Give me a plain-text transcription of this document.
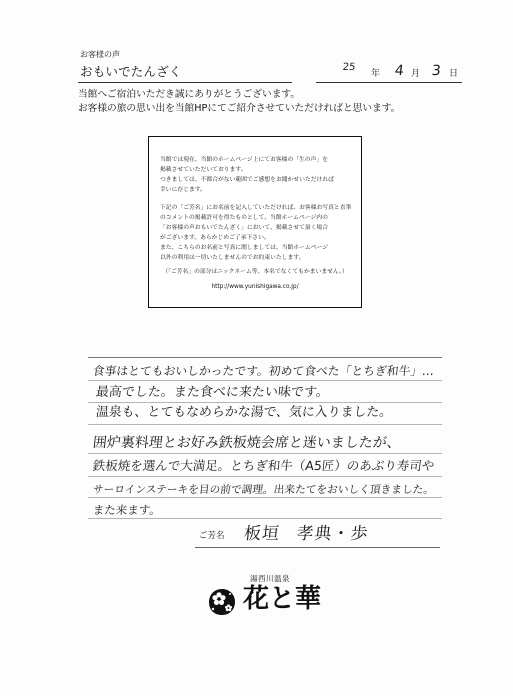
お客様の声
おもいでたんざく	25
年 4 月 3 日
当館へご宿泊いただき誠にありがとうございます。
お客様の旅の思い出を当館HPにてご紹介させていただければと思います。
当館では現在、当館のホームページ上にてお客様の「生の声」を
掲載させていただいております。
つきましては、不都合がない範囲でご感想をお聞かせいただければ
幸いに存じます。
下記の「ご芳名」にお名前を記入していただければ、お客様お写真と直筆
のコメントの掲載許可を得たものとして、当館ホームページ内の
「お客様の声おもいでたんざく」において、掲載させて頂く場合
がございます。あらかじめご了承下さい。
また、こちらのお名前と写真に関しましては、当館ホームページ
以外の利用は一切いたしませんのでお約束いたします。
（「ご芳名」の部分はニックネーム等、本名でなくてもかまいません。）
http://www.yunishigawa.co.jp/
食事はとてもおいしかったです。初めて食べた「とちぎ和牛」…
最高でした。また食べに来たい味です。
温泉も、とてもなめらかな湯で、気に入りました。
囲炉裏料理とお好み鉄板焼会席と迷いましたが、
鉄板焼を選んで大満足。とちぎ和牛（A5匠）のあぶり寿司や
サーロインステーキを目の前で調理。出来たてをおいしく頂きました。
また来ます。
ご芳名 板垣 孝典・歩
湯西川温泉
花と華
